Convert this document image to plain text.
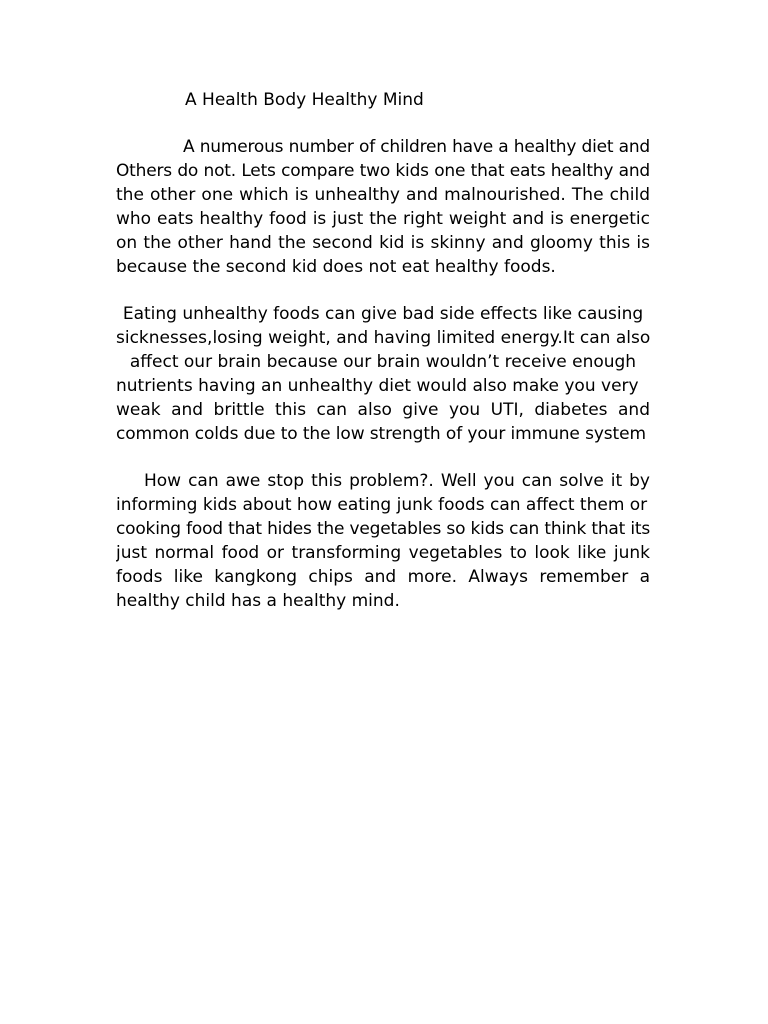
A Health Body Healthy Mind
A numerous number of children have a healthy diet and
Others do not. Lets compare two kids one that eats healthy and
the other one which is unhealthy and malnourished. The child
who eats healthy food is just the right weight and is energetic
on the other hand the second kid is skinny and gloomy this is
because the second kid does not eat healthy foods.
Eating unhealthy foods can give bad side effects like causing
sicknesses,losing weight, and having limited energy.It can also
affect our brain because our brain wouldn’t receive enough
nutrients having an unhealthy diet would also make you very
weak and brittle this can also give you UTI, diabetes and
common colds due to the low strength of your immune system
How can awe stop this problem?. Well you can solve it by
informing kids about how eating junk foods can affect them or
cooking food that hides the vegetables so kids can think that its
just normal food or transforming vegetables to look like junk
foods like kangkong chips and more. Always remember a
healthy child has a healthy mind.
